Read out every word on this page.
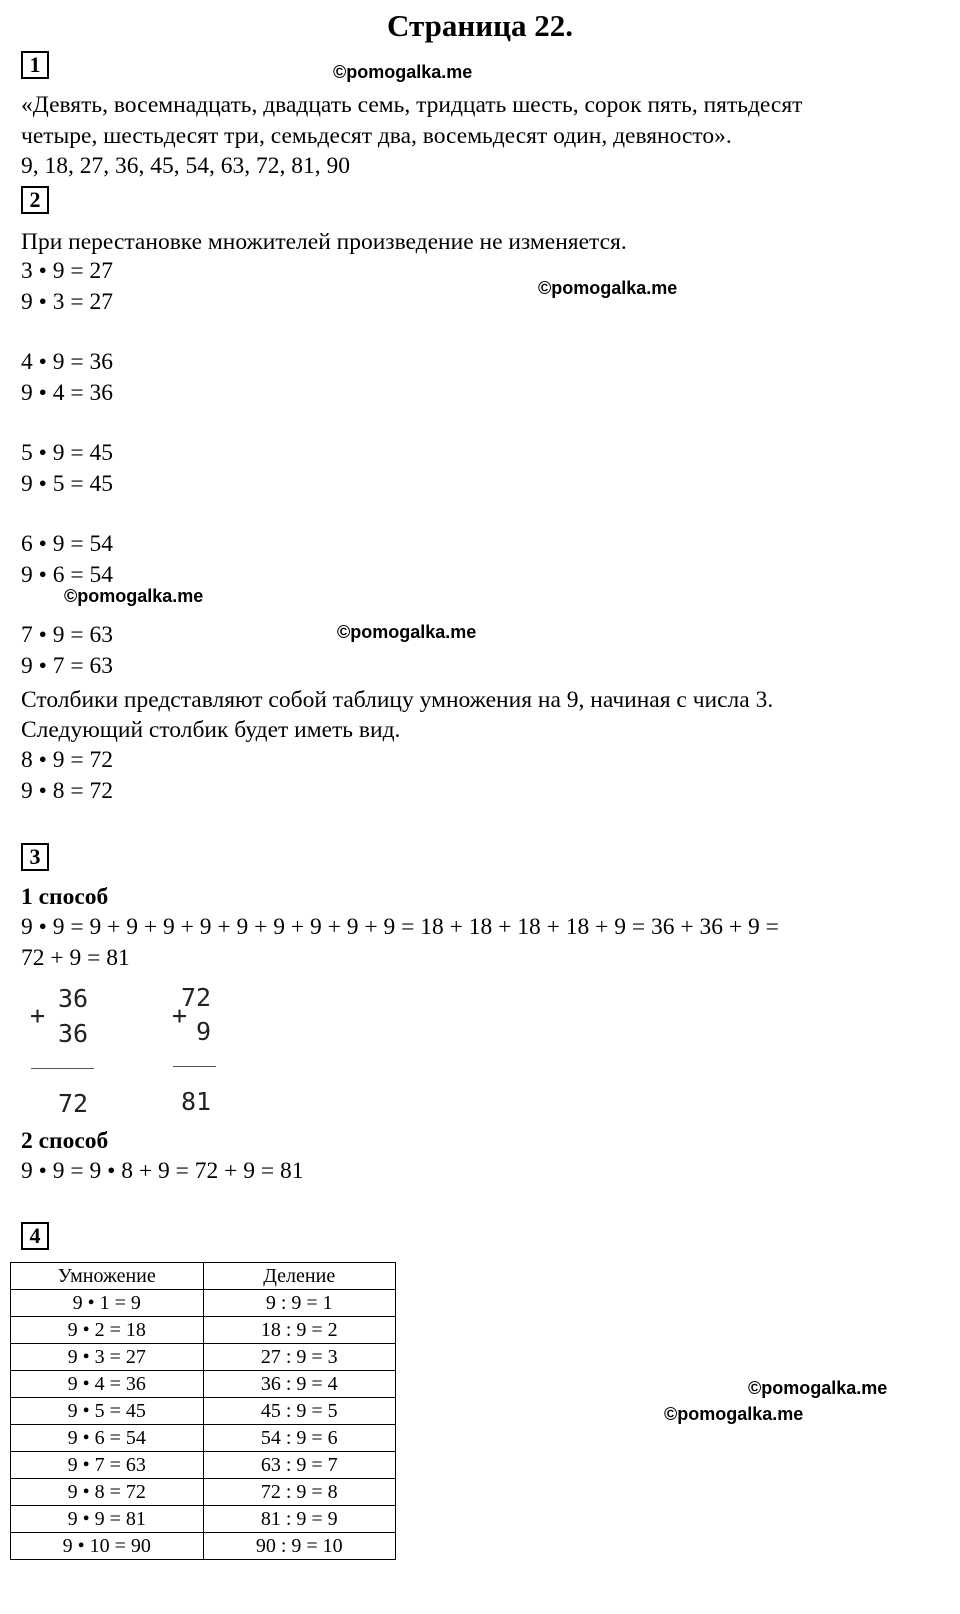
Страница 22.
1	©pomogalka.me
«Девять, восемнадцать, двадцать семь, тридцать шесть, сорок пять, пятьдесят
четыре, шестьдесят три, семьдесят два, восемьдесят один, девяносто».
9, 18, 27, 36, 45, 54, 63, 72, 81, 90
2
При перестановке множителей произведение не изменяется.
3 • 9 = 27
9 • 3 = 27
©pomogalka.me
4 • 9 = 36
9 • 4 = 36
5 • 9 = 45
9 • 5 = 45
6 • 9 = 54
9 • 6 = 54
©pomogalka.me
7 • 9 = 63	©pomogalka.me
9 • 7 = 63
Столбики представляют собой таблицу умножения на 9, начиная с числа 3.
Следующий столбик будет иметь вид.
8 • 9 = 72
9 • 8 = 72
3
1 способ
9 • 9 = 9 + 9 + 9 + 9 + 9 + 9 + 9 + 9 + 9 = 18 + 18 + 18 + 18 + 9 = 36 + 36 + 9 =
72 + 9 = 81
+
36
36
72
+
72
9
81
2 способ
9 • 9 = 9 • 8 + 9 = 72 + 9 = 81
4
Умножение	Деление
9 • 1 = 9	9 : 9 = 1
9 • 2 = 18	18 : 9 = 2
9 • 3 = 27	27 : 9 = 3
9 • 4 = 36	36 : 9 = 4
9 • 5 = 45	45 : 9 = 5
9 • 6 = 54	54 : 9 = 6
9 • 7 = 63	63 : 9 = 7
9 • 8 = 72	72 : 9 = 8
9 • 9 = 81	81 : 9 = 9
9 • 10 = 90	90 : 9 = 10
©pomogalka.me
©pomogalka.me
